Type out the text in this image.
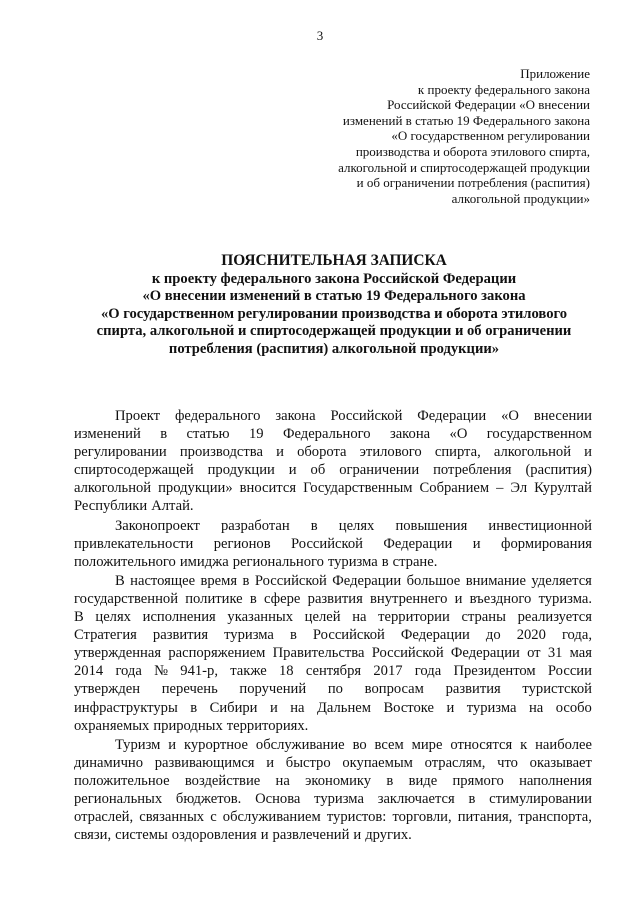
3
Приложение
к проекту федерального закона
Российской Федерации «О внесении
изменений в статью 19 Федерального закона
«О государственном регулировании
производства и оборота этилового спирта,
алкогольной и спиртосодержащей продукции
и об ограничении потребления (распития)
алкогольной продукции»
ПОЯСНИТЕЛЬНАЯ ЗАПИСКА
к проекту федерального закона Российской Федерации
«О внесении изменений в статью 19 Федерального закона
«О государственном регулировании производства и оборота этилового
спирта, алкогольной и спиртосодержащей продукции и об ограничении
потребления (распития) алкогольной продукции»
Проект федерального закона Российской Федерации «О внесении
изменений в статью 19 Федерального закона «О государственном
регулировании производства и оборота этилового спирта, алкогольной и
спиртосодержащей продукции и об ограничении потребления (распития)
алкогольной продукции» вносится Государственным Собранием – Эл Курултай
Республики Алтай.
Законопроект разработан в целях повышения инвестиционной
привлекательности регионов Российской Федерации и формирования
положительного имиджа регионального туризма в стране.
В настоящее время в Российской Федерации большое внимание уделяется
государственной политике в сфере развития внутреннего и въездного туризма.
В целях исполнения указанных целей на территории страны реализуется
Стратегия развития туризма в Российской Федерации до 2020 года,
утвержденная распоряжением Правительства Российской Федерации от 31 мая
2014 года № 941-р, также 18 сентября 2017 года Президентом России
утвержден перечень поручений по вопросам развития туристской
инфраструктуры в Сибири и на Дальнем Востоке и туризма на особо
охраняемых природных территориях.
Туризм и курортное обслуживание во всем мире относятся к наиболее
динамично развивающимся и быстро окупаемым отраслям, что оказывает
положительное воздействие на экономику в виде прямого наполнения
региональных бюджетов. Основа туризма заключается в стимулировании
отраслей, связанных с обслуживанием туристов: торговли, питания, транспорта,
связи, системы оздоровления и развлечений и других.
